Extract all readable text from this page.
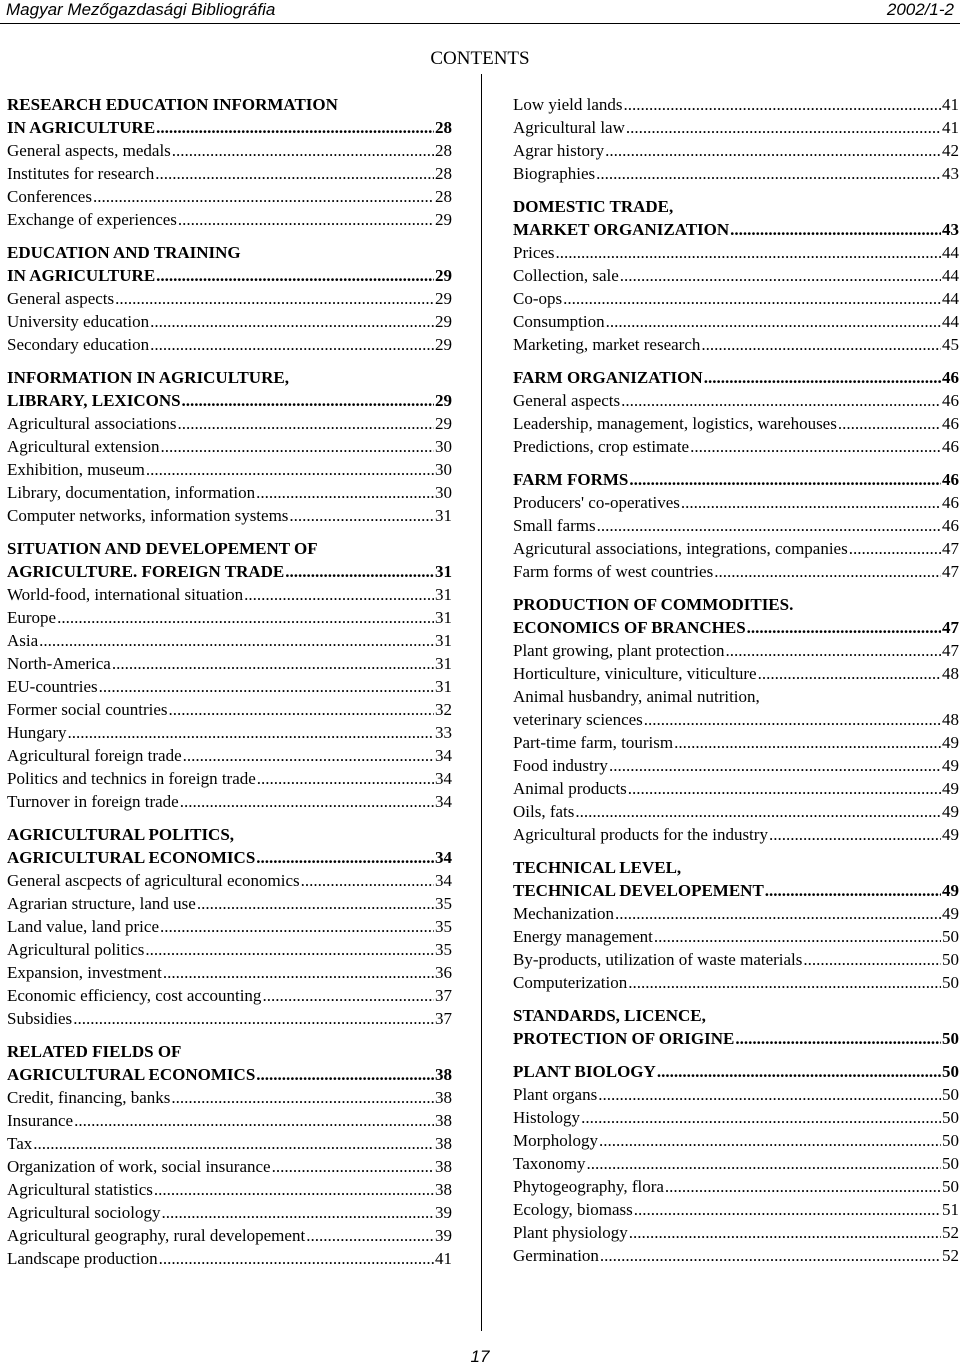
Magyar Mezőgazdasági Bibliográfia	2002/1-2
CONTENTS
RESEARCH EDUCATION INFORMATION
IN AGRICULTURE .....	28
General aspects, medals .....	28
Institutes for research .....	28
Conferences .....	28
Exchange of experiences .....	29
EDUCATION AND TRAINING
IN AGRICULTURE .....	29
General aspects .....	29
University education .....	29
Secondary education .....	29
INFORMATION IN AGRICULTURE,
LIBRARY, LEXICONS .....	29
Agricultural associations .....	29
Agricultural extension .....	30
Exhibition, museum .....	30
Library, documentation, information .....	30
Computer networks, information systems .....	31
SITUATION AND DEVELOPEMENT OF
AGRICULTURE. FOREIGN TRADE .....	31
World-food, international situation .....	31
Europe .....	31
Asia .....	31
North-America .....	31
EU-countries .....	31
Former social countries .....	32
Hungary .....	33
Agricultural foreign trade .....	34
Politics and technics in foreign trade .....	34
Turnover in foreign trade .....	34
AGRICULTURAL POLITICS,
AGRICULTURAL ECONOMICS .....	34
General ascpects of agricultural economics .....	34
Agrarian structure, land use .....	35
Land value, land price .....	35
Agricultural politics .....	35
Expansion, investment .....	36
Economic efficiency, cost accounting .....	37
Subsidies .....	37
RELATED FIELDS OF
AGRICULTURAL ECONOMICS .....	38
Credit, financing, banks .....	38
Insurance .....	38
Tax .....	38
Organization of work, social insurance .....	38
Agricultural statistics .....	38
Agricultural sociology .....	39
Agricultural geography, rural developement .....	39
Landscape production .....	41
Low yield lands .....	41
Agricultural law .....	41
Agrar history .....	42
Biographies .....	43
DOMESTIC TRADE,
MARKET ORGANIZATION .....	43
Prices .....	44
Collection, sale .....	44
Co-ops .....	44
Consumption .....	44
Marketing, market research .....	45
FARM ORGANIZATION .....	46
General aspects .....	46
Leadership, management, logistics, warehouses .....	46
Predictions, crop estimate .....	46
FARM FORMS .....	46
Producers' co-operatives .....	46
Small farms .....	46
Agricutural associations, integrations, companies .....	47
Farm forms of west countries .....	47
PRODUCTION OF COMMODITIES.
ECONOMICS OF BRANCHES .....	47
Plant growing, plant protection .....	47
Horticulture, viniculture, viticulture .....	48
Animal husbandry, animal nutrition,
veterinary sciences .....	48
Part-time farm, tourism .....	49
Food industry .....	49
Animal products .....	49
Oils, fats .....	49
Agricultural products for the industry .....	49
TECHNICAL LEVEL,
TECHNICAL DEVELOPEMENT .....	49
Mechanization .....	49
Energy management .....	50
By-products, utilization of waste materials .....	50
Computerization .....	50
STANDARDS, LICENCE,
PROTECTION OF ORIGINE .....	50
PLANT BIOLOGY .....	50
Plant organs .....	50
Histology .....	50
Morphology .....	50
Taxonomy .....	50
Phytogeography, flora .....	50
Ecology, biomass .....	51
Plant physiology .....	52
Germination .....	52
17
